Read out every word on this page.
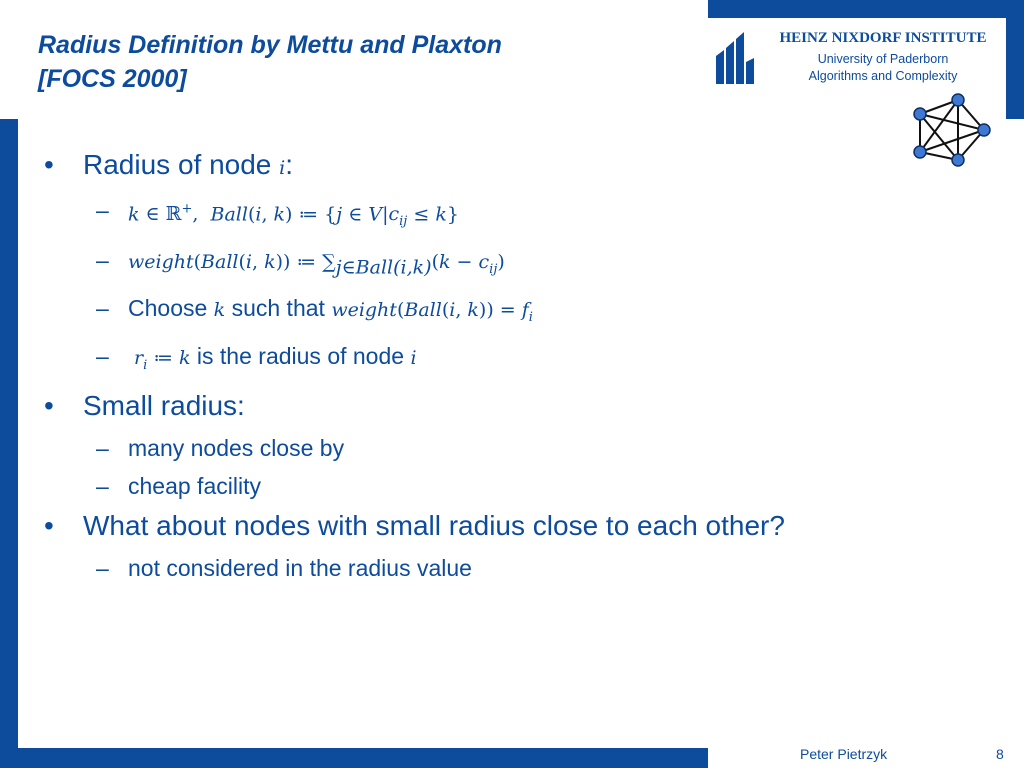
Radius Definition by Mettu and Plaxton
[FOCS 2000]
HEINZ NIXDORF INSTITUTE
University of Paderborn
Algorithms and Complexity
• Radius of node i:
– k ∈ ℝ+,  Ball(i, k) ≔ {j ∈ $V|c_{ij} \le k$}
– weight(Ball(i, k)) ≔ $\sum_{j\in Ball(i,k)}(k - c_{ij})$
– Choose k such that weight(Ball(i, $k)) = f_i$
– $r_i$ ≔ k is the radius of node i
• Small radius:
– many nodes close by
– cheap facility
• What about nodes with small radius close to each other?
– not considered in the radius value
Peter Pietrzyk	8
